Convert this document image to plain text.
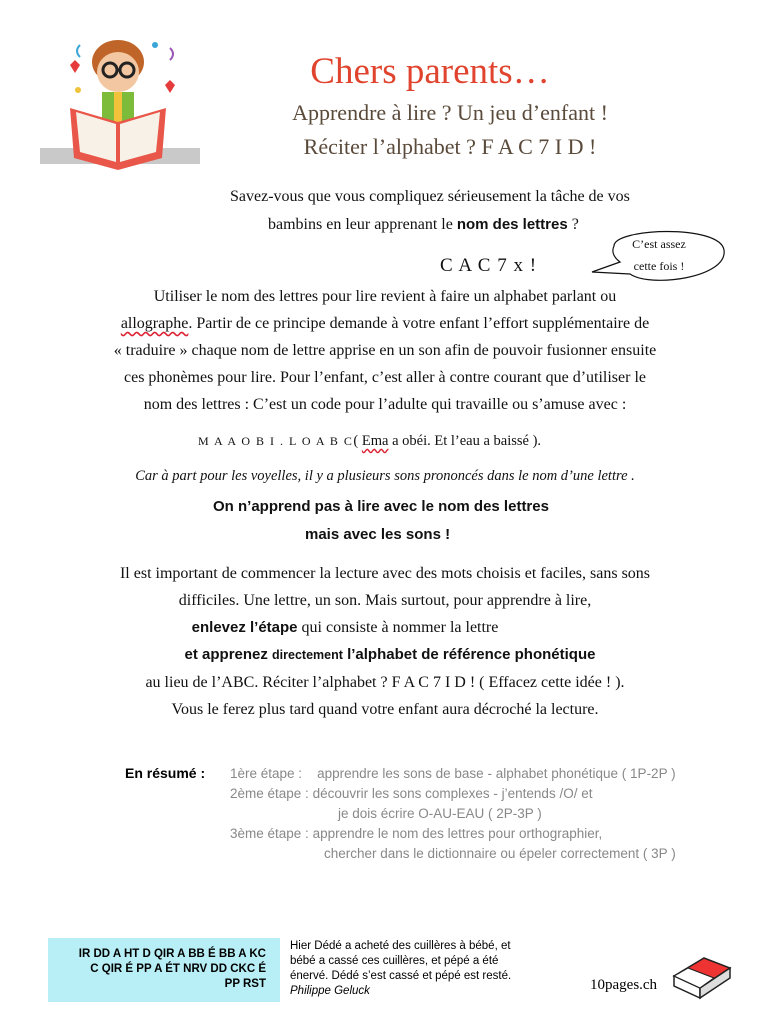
Chers parents…
Apprendre à lire ? Un jeu d’enfant !
Réciter l’alphabet ? F A C 7 I D !
Savez-vous que vous compliquez sérieusement la tâche de vos
bambins en leur apprenant le nom des lettres ?
C A C 7 x !
C’est assez
cette fois !
Utiliser le nom des lettres pour lire revient à faire un alphabet parlant ou
allographe. Partir de ce principe demande à votre enfant l’effort supplémentaire de
« traduire » chaque nom de lettre apprise en un son afin de pouvoir fusionner ensuite
ces phonèmes pour lire. Pour l’enfant, c’est aller à contre courant que d’utiliser le
nom des lettres : C’est un code pour l’adulte qui travaille ou s’amuse avec :
M A A O B I . L O A B C( Ema a obéi. Et l’eau a baissé ).
Car à part pour les voyelles, il y a plusieurs sons prononcés dans le nom d’une lettre .
On n’apprend pas à lire avec le nom des lettres
mais avec les sons !
Il est important de commencer la lecture avec des mots choisis et faciles, sans sons
difficiles. Une lettre, un son. Mais surtout, pour apprendre à lire,
enlevez l’étape qui consiste à nommer la lettre
et apprenez directement l’alphabet de référence phonétique
au lieu de l’ABC. Réciter l’alphabet ? F A C 7 I D ! ( Effacez cette idée ! ).
Vous le ferez plus tard quand votre enfant aura décroché la lecture.
En résumé : 1ère étape : apprendre les sons de base - alphabet phonétique ( 1P-2P )
2ème étape : découvrir les sons complexes - j’entends /O/ et
je dois écrire O-AU-EAU ( 2P-3P )
3ème étape : apprendre le nom des lettres pour orthographier,
chercher dans le dictionnaire ou épeler correctement ( 3P )
IR DD A HT D QIR A BB É BB A KC
C QIR É PP A ÉT NRV DD CKC É
PP RST
Hier Dédé a acheté des cuillères à bébé, et
bébé a cassé ces cuillères, et pépé a été
énervé. Dédé s’est cassé et pépé est resté.
Philippe Geluck	10pages.ch
